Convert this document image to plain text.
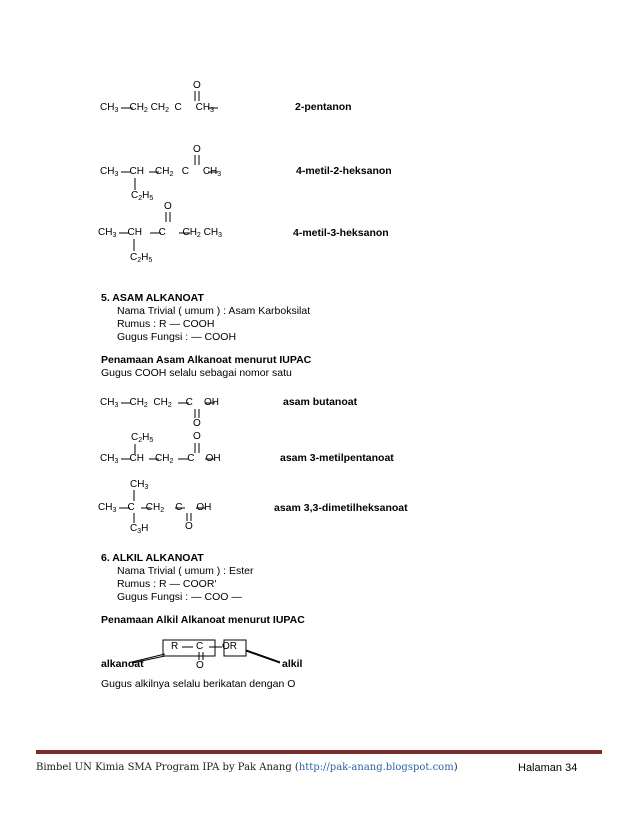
O
$CH_3$    $CH_2$ $CH_2$  C     $CH_3$	2-pentanon
O
$CH_3$    CH    $CH_2$   C     $CH_3$
$C_2H_5$
4-metil-2-heksanon
O
$CH_3$    CH      C      $CH_2$ $CH_3$
$C_2H_5$
4-metil-3-heksanon
5. ASAM ALKANOAT
Nama Trivial ( umum ) : Asam Karboksilat
Rumus : R — COOH
Gugus Fungsi : — COOH
Penamaan Asam Alkanoat menurut IUPAC
Gugus COOH selalu sebagai nomor satu
$CH_3$    $CH_2$  $CH_2$     C    OH
O
asam butanoat
$C_2H_5$	O
$CH_3$    CH    $CH_2$     C    OH	asam 3-metilpentanoat
$CH_3$
$CH_3$    C    $CH_2$    C     OH
$C_3H$	O
asam 3,3-dimetilheksanoat
6. ALKIL ALKANOAT
Nama Trivial ( umum ) : Ester
Rumus : R — COOR'
Gugus Fungsi : — COO —
Penamaan Alkil Alkanoat menurut IUPAC
R C OR
O
alkanoat	alkil
Gugus alkilnya selalu berikatan dengan O
Bimbel UN Kimia SMA Program IPA by Pak Anang (http://pak-anang.blogspot.com)	Halaman 34
